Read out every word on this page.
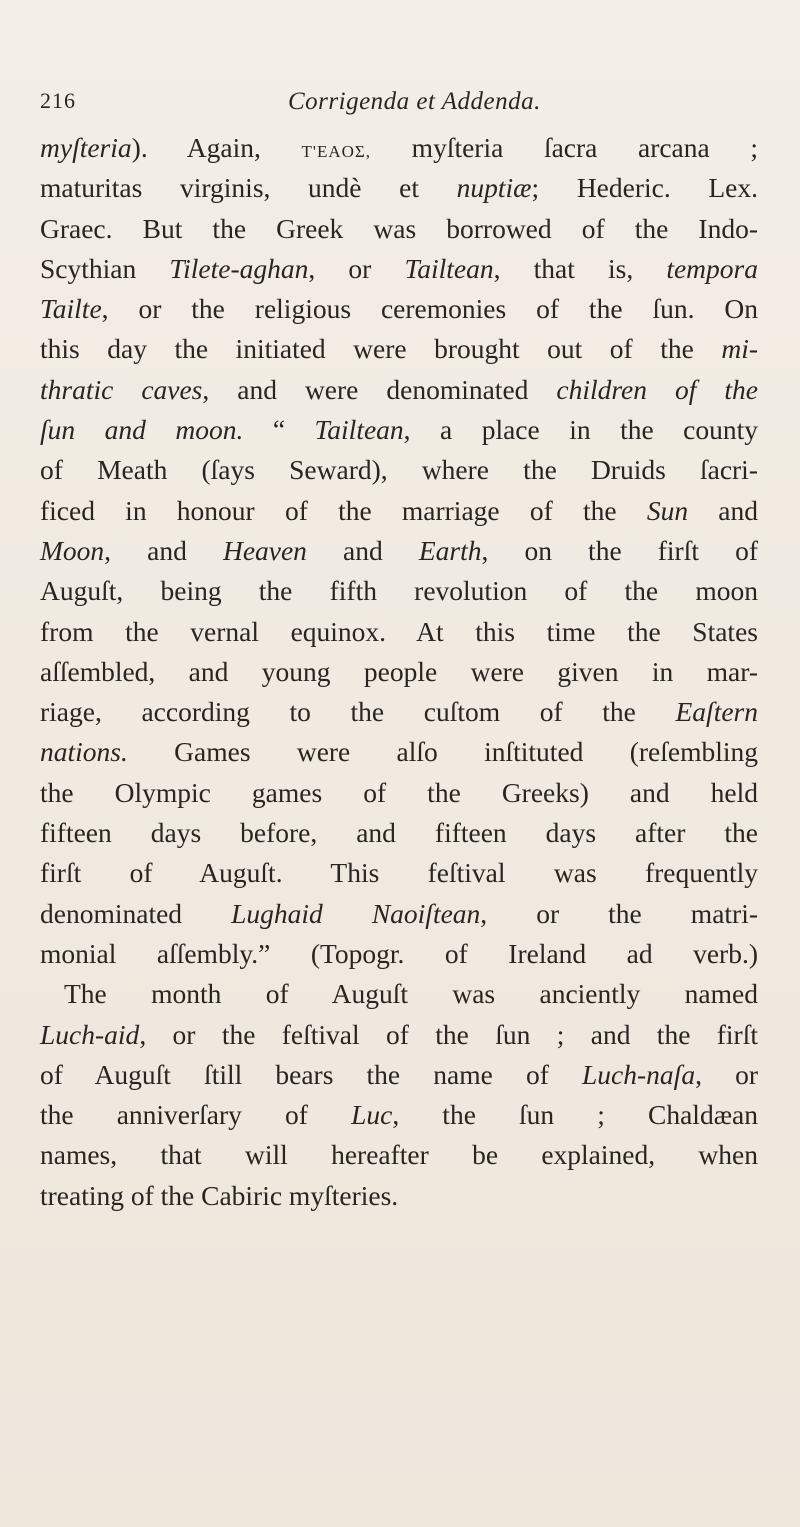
216	Corrigenda et Addenda.
myſteria). Again, T'EAOΣ, myſteria ſacra arcana ;
maturitas virginis, undè et nuptiæ; Hederic. Lex.
Graec. But the Greek was borrowed of the Indo-
Scythian Tilete-aghan, or Tailtean, that is, tempora
Tailte, or the religious ceremonies of the ſun. On
this day the initiated were brought out of the mi-
thratic caves, and were denominated children of the
ſun and moon. “ Tailtean, a place in the county
of Meath (ſays Seward), where the Druids ſacri-
ficed in honour of the marriage of the Sun and
Moon, and Heaven and Earth, on the firſt of
Auguſt, being the fifth revolution of the moon
from the vernal equinox. At this time the States
aſſembled, and young people were given in mar-
riage, according to the cuſtom of the Eaſtern
nations. Games were alſo inſtituted (reſembling
the Olympic games of the Greeks) and held
fifteen days before, and fifteen days after the
firſt of Auguſt. This feſtival was frequently
denominated Lughaid Naoiſtean, or the matri-
monial aſſembly.” (Topogr. of Ireland ad verb.)
The month of Auguſt was anciently named
Luch-aid, or the feſtival of the ſun ; and the firſt
of Auguſt ſtill bears the name of Luch-naſa, or
the anniverſary of Luc, the ſun ; Chaldæan
names, that will hereafter be explained, when
treating of the Cabiric myſteries.
